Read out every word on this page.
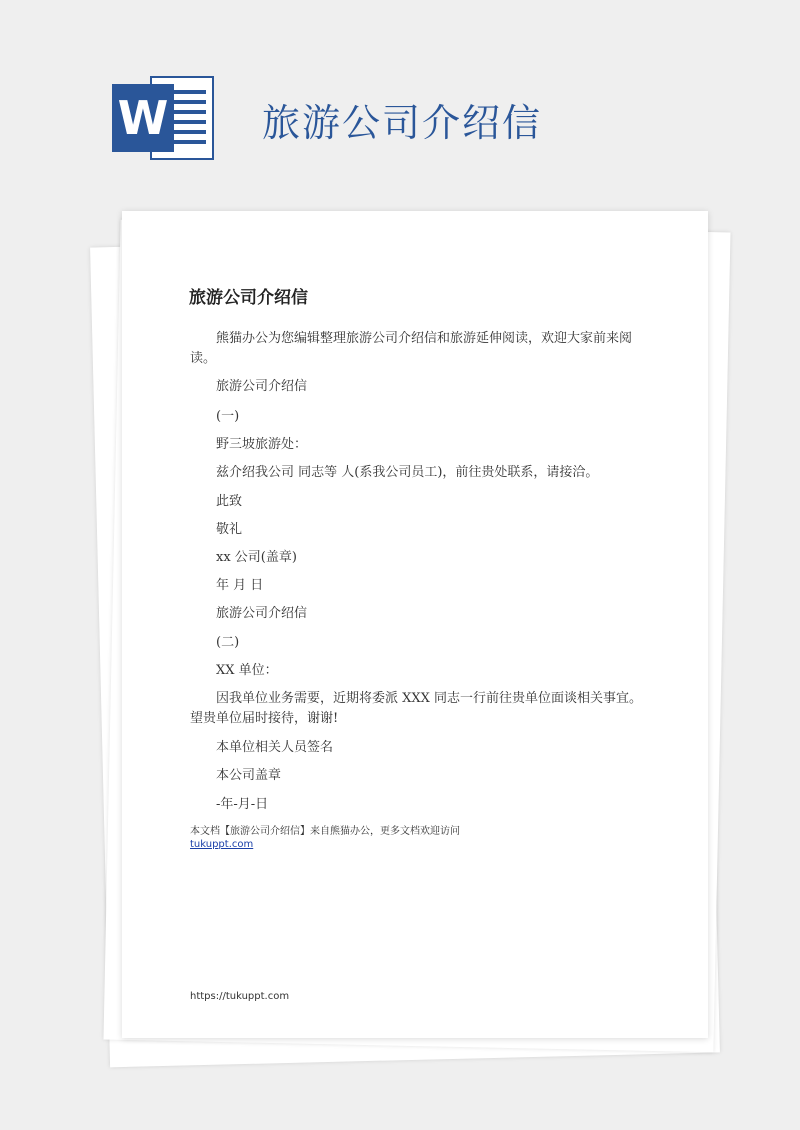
W 旅游公司介绍信
旅游公司介绍信
熊猫办公为您编辑整理旅游公司介绍信和旅游延伸阅读，欢迎大家前来阅读。
旅游公司介绍信
(一)
野三坡旅游处：
兹介绍我公司 同志等 人(系我公司员工)，前往贵处联系，请接洽。
此致
敬礼
xx 公司(盖章)
年 月 日
旅游公司介绍信
(二)
XX 单位：
因我单位业务需要，近期将委派 XXX 同志一行前往贵单位面谈相关事宜。望贵单位届时接待，谢谢!
本单位相关人员签名
本公司盖章
-年-月-日
本文档【旅游公司介绍信】来自熊猫办公，更多文档欢迎访问
tukuppt.com
https://tukuppt.com
